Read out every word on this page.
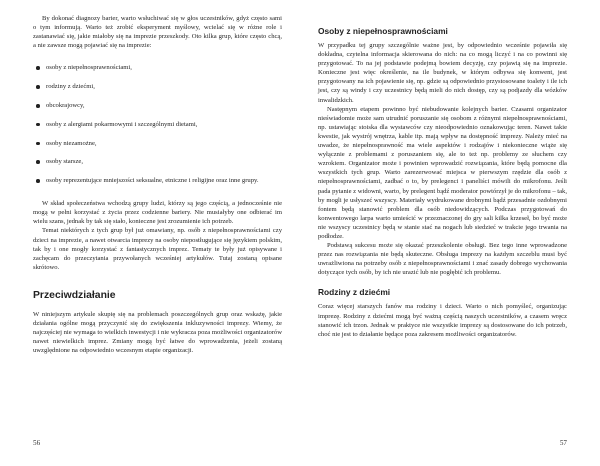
By dokonać diagnozy barier, warto wsłuchiwać się w głos uczestników, gdyż często sami o tym informują. Warto też zrobić eksperyment myślowy, wcielać się w różne role i zastanawiać się, jakie miałoby się na imprezie przeszkody. Oto kilka grup, które często chcą, a nie zawsze mogą pojawiać się na imprezie:

osoby z niepełnosprawnościami,
rodziny z dziećmi,
obcokrajowcy,
osoby z alergiami pokarmowymi i szczególnymi dietami,
osoby niezamożne,
osoby starsze,
osoby reprezentujące mniejszości seksualne, etniczne i religijne oraz inne grupy.

W skład społeczeństwa wchodzą grupy ludzi, którzy są jego częścią, a jednocześnie nie mogą w pełni korzystać z życia przez codzienne bariery. Nie musiałyby one odbierać im wielu szans, jednak by tak się stało, konieczne jest zrozumienie ich potrzeb.

Temat niektórych z tych grup był już omawiany, np. osób z niepełnosprawnościami czy dzieci na imprezie, a nawet otwarcia imprezy na osoby niepostługujące się językiem polskim, tak by i one mogły korzystać z fantastycznych imprez. Tematy te były już opisywane i zachęcam do przeczytania przywołanych wcześniej artykułów. Tutaj zostaną opisane skrótowo.

Przeciwdziałanie

W niniejszym artykule skupię się na problemach poszczególnych grup oraz wskażę, jakie działania ogólne mogą przyczynić się do zwiększenia inkluzywności imprezy. Wiemy, że najczęściej nie wymaga to wielkich inwestycji i nie wykracza poza możliwości organizatorów nawet niewielkich imprez. Zmiany mogą być łatwe do wprowadzenia, jeżeli zostaną uwzględnione na odpowiednio wczesnym etapie organizacji.

56
Osoby z niepełnosprawnościami

W przypadku tej grupy szczególnie ważne jest, by odpowiednio wcześnie pojawiła się dokładna, czytelna informacja skierowana do nich: na co mogą liczyć i na co powinni się przygotować. To na jej podstawie podejmą bowiem decyzję, czy pojawią się na imprezie. Konieczne jest więc określenie, na ile budynek, w którym odbywa się konwent, jest przygotowany na ich pojawienie się, np. gdzie są odpowiednio przystosowane toalety i ile ich jest, czy są windy i czy uczestnicy będą mieli do nich dostęp, czy są podjazdy dla wózków inwalidzkich.

Następnym etapem powinno być niebudowanie kolejnych barier. Czasami organizator nieświadomie może sam utrudnić poruszanie się osobom z różnymi niepełnosprawnościami, np. ustawiając stoiska dla wystawców czy nieodpowiednio oznakowując teren. Nawet takie kwestie, jak wystrój wnętrza, kable itp. mają wpływ na dostępność imprezy. Należy mieć na uwadze, że niepełnosprawność ma wiele aspektów i rodzajów i niekonieczne wiąże się wyłącznie z problemami z poruszaniem się, ale to też np. problemy ze słuchem czy wzrokiem. Organizator może i powinien wprowadzić rozwiązania, które będą pomocne dla wszystkich tych grup. Warto zarezerwować miejsca w pierwszym rzędzie dla osób z niepełnosprawnościami, zadbać o to, by prelegenci i paneliści mówili do mikrofonu. Jeśli pada pytanie z widowni, warto, by prelegent bądź moderator powtórzył je do mikrofonu – tak, by mogli je usłyszeć wszyscy. Materiały wydrukowane drobnymi bądź przesadnie ozdobnymi fontem będą stanowić problem dla osób niedowidzących. Podczas przygotowań do konwentowego larpa warto umieścić w przeznaczonej do gry sali kilka krzeseł, bo być może nie wszyscy uczestnicy będą w stanie stać na nogach lub siedzieć w trakcie jego trwania na podłodze.

Podstawą sukcesu może się okazać przeszkolenie obsługi. Bez tego inne wprowadzone przez nas rozwiązania nie będą skuteczne. Obsługa imprezy na każdym szczeblu musi być uwrażliwiona na potrzeby osób z niepełnosprawnościami i znać zasady dobrego wychowania dotyczące tych osób, by ich nie urazić lub nie pogłębić ich problemu.

Rodziny z dziećmi

Coraz więcej starszych fanów ma rodziny i dzieci. Warto o nich pomyśleć, organizując imprezę. Rodziny z dziećmi mogą być ważną częścią naszych uczestników, a czasem wręcz stanowić ich trzon. Jednak w praktyce nie wszystkie imprezy są dostosowane do ich potrzeb, choć nie jest to działanie będące poza zakresem możliwości organizatorów.

57
